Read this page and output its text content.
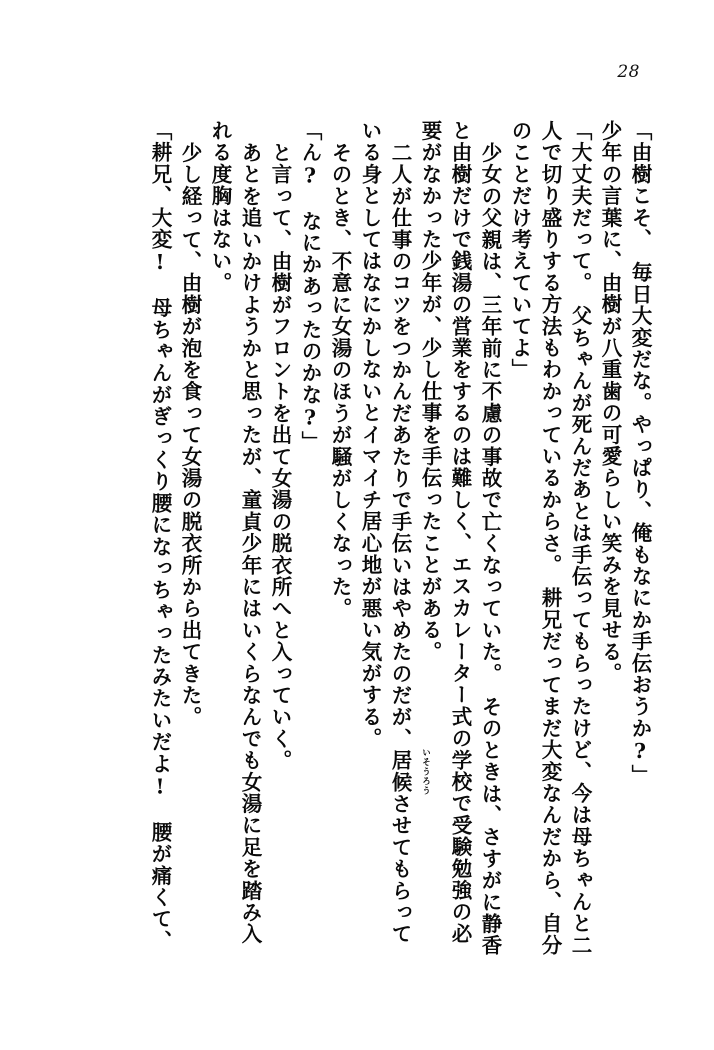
28
「由樹こそ、　毎日大変だな。やっぱり、俺もなにか手伝おうか?」
少年の言葉に、由樹が八重歯の可愛らしい笑みを見せる。
「大丈夫だって。　父ちゃんが死んだあとは手伝ってもらったけど、今は母ちゃんと二
人で切り盛りする方法もわかっているからさ。　耕兄だってまだ大変なんだから、自分
のことだけ考えていてよ」
少女の父親は、三年前に不慮の事故で亡くなっていた。　そのときは、さすがに静香
と由樹だけで銭湯の営業をするのは難しく、エスカレーター式の学校で受験勉強の必
要がなかった少年が、少し仕事を手伝ったことがある。
二人が仕事のコツをつかんだあたりで手伝いはやめたのだが、居候させてもらって
いる身としてはなにかしないとイマイチ居心地が悪い気がする。
そのとき、不意に女湯のほうが騒がしくなった。
「ん?　なにかあったのかな?」
と言って、由樹がフロントを出て女湯の脱衣所へと入っていく。
あとを追いかけようかと思ったが、童貞少年にはいくらなんでも女湯に足を踏み入
れる度胸はない。
少し経って、由樹が泡を食って女湯の脱衣所から出てきた。
「耕兄、大変!　母ちゃんがぎっくり腰になっちゃったみたいだよ!　腰が痛くて、	いそうろう
